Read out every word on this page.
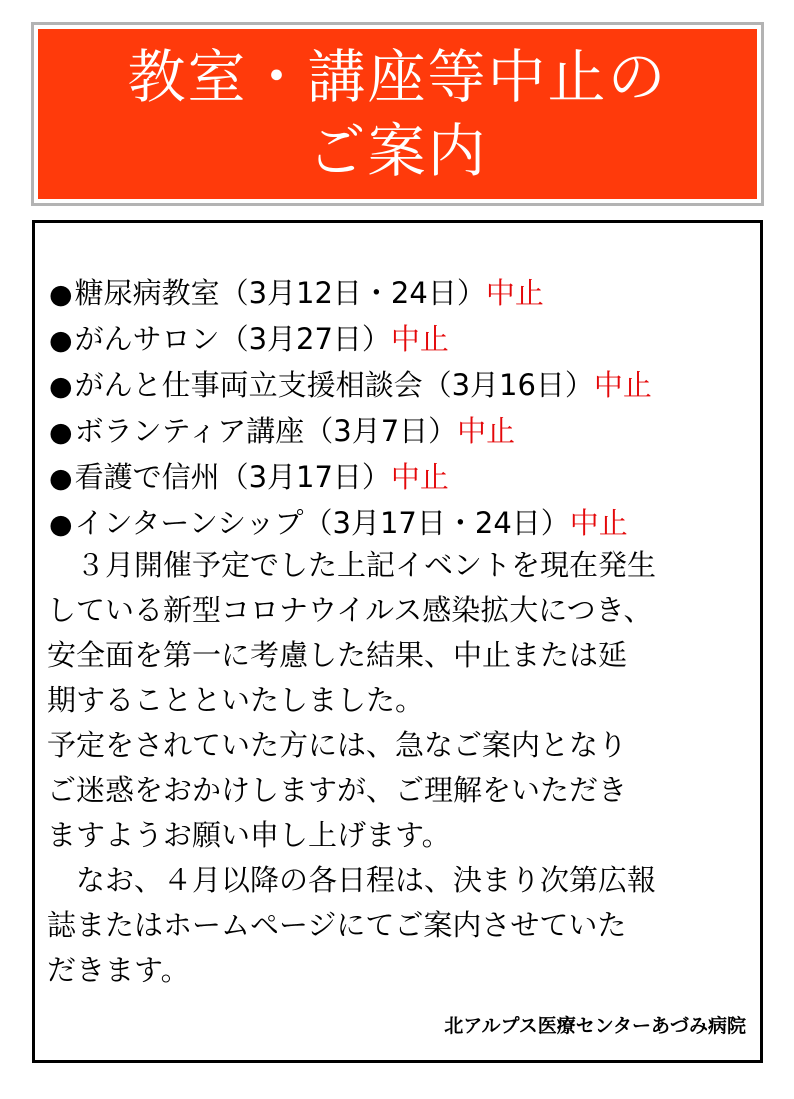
教室・講座等中止の
ご案内
●糖尿病教室（3月12日・24日）中止
●がんサロン（3月27日）中止
●がんと仕事両立支援相談会（3月16日）中止
●ボランティア講座（3月7日）中止
●看護で信州（3月17日）中止
●インターンシップ（3月17日・24日）中止

　３月開催予定でした上記イベントを現在発生

している新型コロナウイルス感染拡大につき、

安全面を第一に考慮した結果、中止または延

期することといたしました。

予定をされていた方には、急なご案内となり

ご迷惑をおかけしますが、ご理解をいただき

ますようお願い申し上げます。

　なお、４月以降の各日程は、決まり次第広報

誌またはホームページにてご案内させていた

だきます。

北アルプス医療センターあづみ病院
